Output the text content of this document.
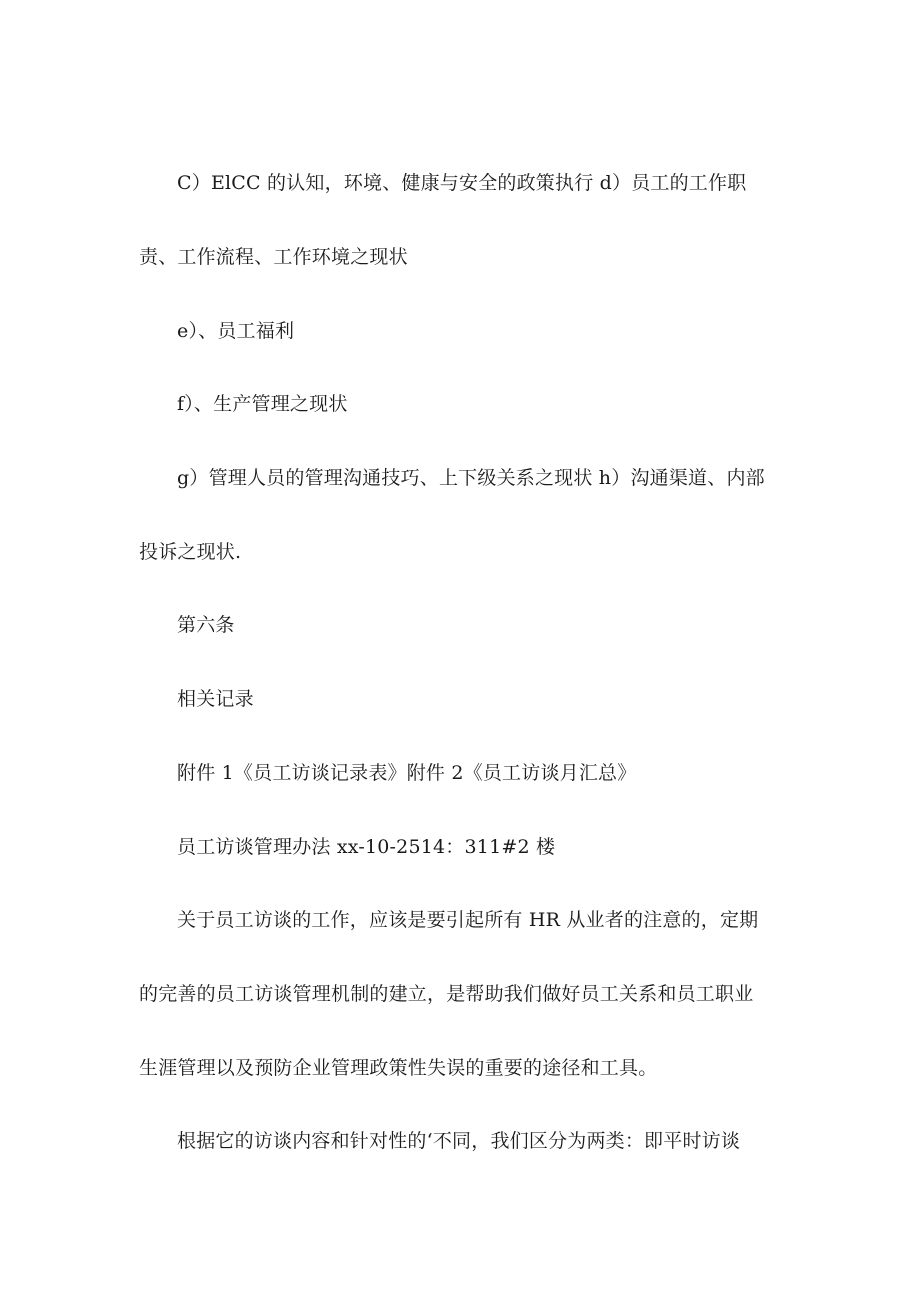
C）ElCC 的认知，环境、健康与安全的政策执行 d）员工的工作职
责、工作流程、工作环境之现状
e）、员工福利
f）、生产管理之现状
g）管理人员的管理沟通技巧、上下级关系之现状 h）沟通渠道、内部
投诉之现状.
第六条
相关记录
附件 1《员工访谈记录表》附件 2《员工访谈月汇总》
员工访谈管理办法 xx-10-2514：311#2 楼
关于员工访谈的工作，应该是要引起所有 HR 从业者的注意的，定期
的完善的员工访谈管理机制的建立，是帮助我们做好员工关系和员工职业
生涯管理以及预防企业管理政策性失误的重要的途径和工具。
根据它的访谈内容和针对性的‘不同，我们区分为两类：即平时访谈
